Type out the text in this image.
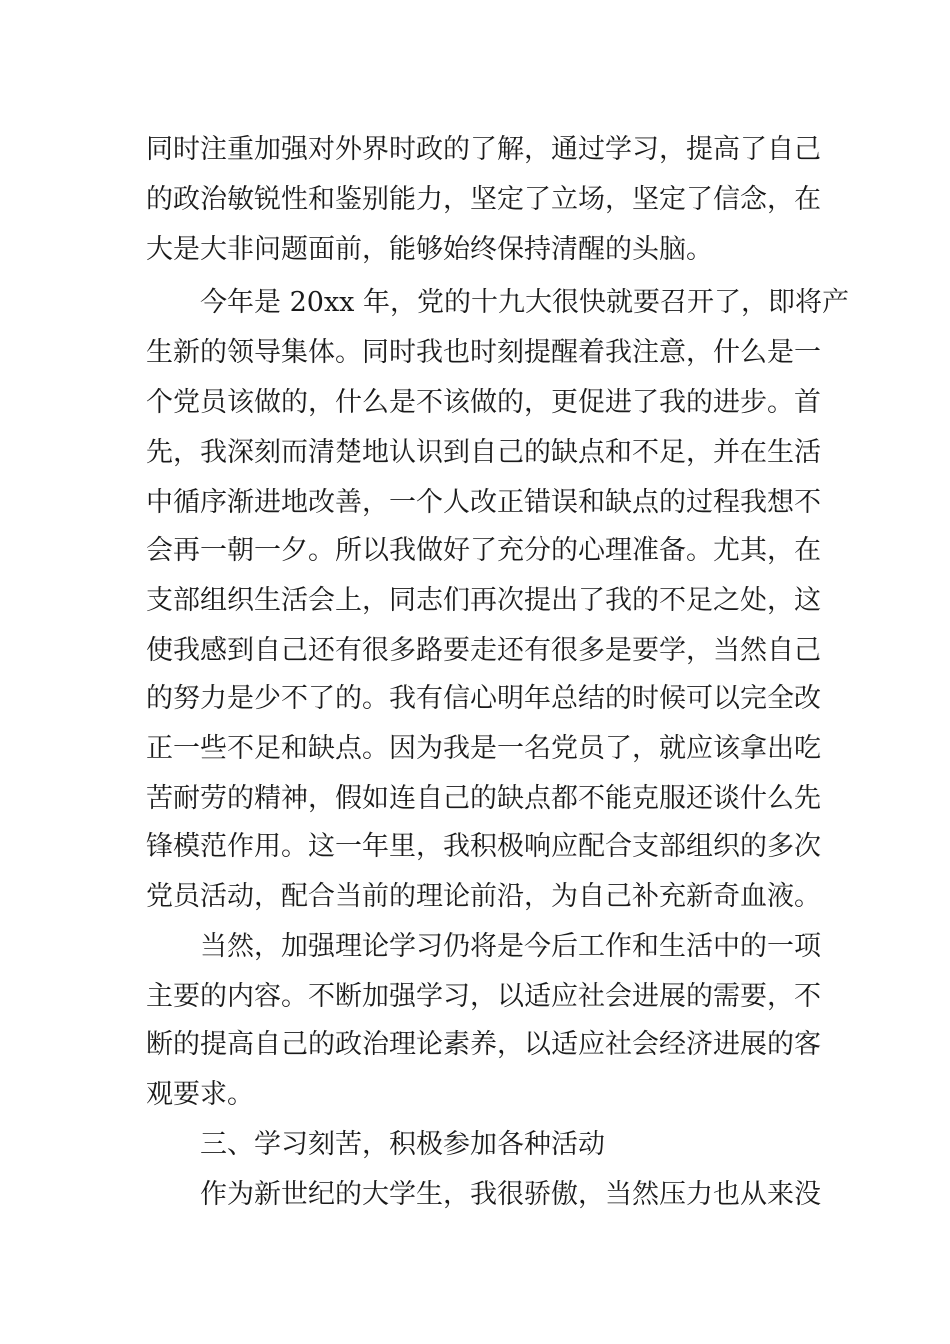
同时注重加强对外界时政的了解，通过学习，提高了自己
的政治敏锐性和鉴别能力，坚定了立场，坚定了信念，在
大是大非问题面前，能够始终保持清醒的头脑。
今年是 20xx 年，党的十九大很快就要召开了，即将产
生新的领导集体。同时我也时刻提醒着我注意，什么是一
个党员该做的，什么是不该做的，更促进了我的进步。首
先，我深刻而清楚地认识到自己的缺点和不足，并在生活
中循序渐进地改善，一个人改正错误和缺点的过程我想不
会再一朝一夕。所以我做好了充分的心理准备。尤其，在
支部组织生活会上，同志们再次提出了我的不足之处，这
使我感到自己还有很多路要走还有很多是要学，当然自己
的努力是少不了的。我有信心明年总结的时候可以完全改
正一些不足和缺点。因为我是一名党员了，就应该拿出吃
苦耐劳的精神，假如连自己的缺点都不能克服还谈什么先
锋模范作用。这一年里，我积极响应配合支部组织的多次
党员活动，配合当前的理论前沿，为自己补充新奇血液。
当然，加强理论学习仍将是今后工作和生活中的一项
主要的内容。不断加强学习，以适应社会进展的需要，不
断的提高自己的政治理论素养，以适应社会经济进展的客
观要求。
三、学习刻苦，积极参加各种活动
作为新世纪的大学生，我很骄傲，当然压力也从来没
